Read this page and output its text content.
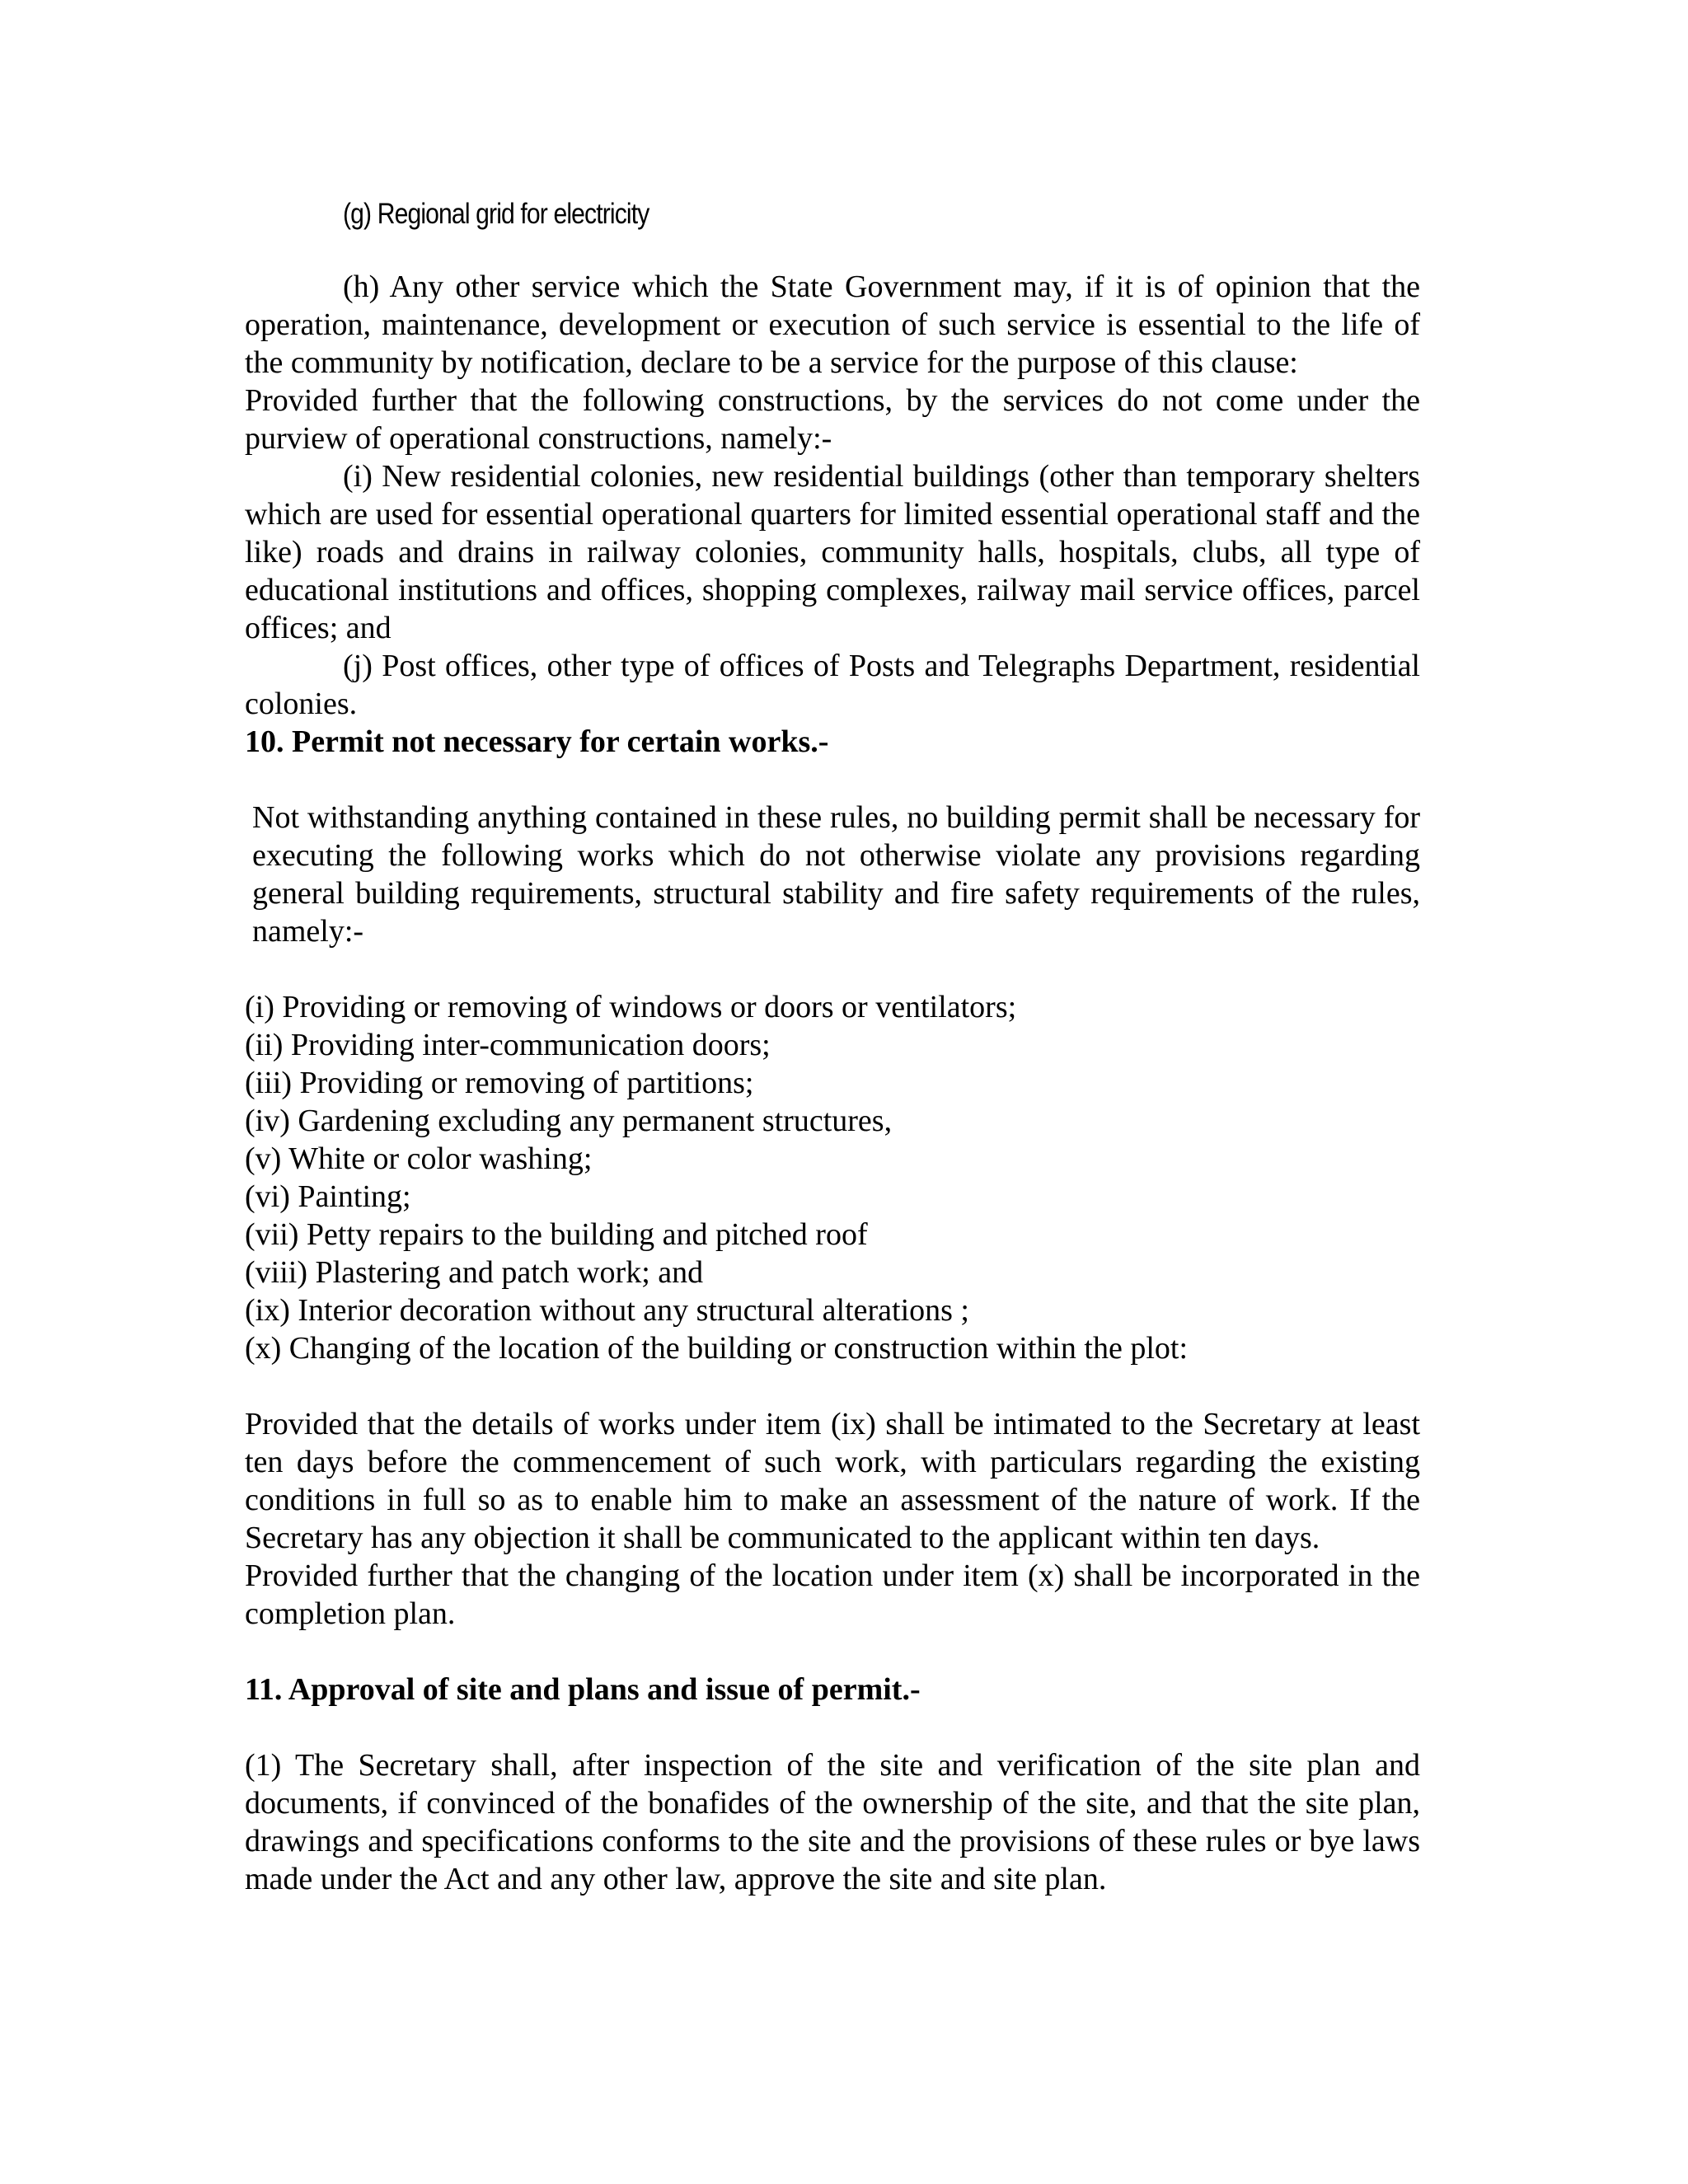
(g) Regional grid for electricity

(h) Any other service which the State Government may, if it is of opinion that the operation, maintenance, development or execution of such service is essential to the life of the community by notification, declare to be a service for the purpose of this clause:

Provided further that the following constructions, by the services do not come under the purview of operational constructions, namely:-

(i) New residential colonies, new residential buildings (other than temporary shelters which are used for essential operational quarters for limited essential operational staff and the like) roads and drains in railway colonies, community halls, hospitals, clubs, all type of educational institutions and offices, shopping complexes, railway mail service offices, parcel offices; and

(j) Post offices, other type of offices of Posts and Telegraphs Department, residential colonies.

10. Permit not necessary for certain works.-

Not withstanding anything contained in these rules, no building permit shall be necessary for executing the following works which do not otherwise violate any provisions regarding general building requirements, structural stability and fire safety requirements of the rules, namely:-

(i) Providing or removing of windows or doors or ventilators;
(ii) Providing inter-communication doors;
(iii) Providing or removing of partitions;
(iv) Gardening excluding any permanent structures,
(v) White or color washing;
(vi) Painting;
(vii) Petty repairs to the building and pitched roof
(viii) Plastering and patch work; and
(ix) Interior decoration without any structural alterations ;
(x) Changing of the location of the building or construction within the plot:

Provided that the details of works under item (ix) shall be intimated to the Secretary at least ten days before the commencement of such work, with particulars regarding the existing conditions in full so as to enable him to make an assessment of the nature of work. If the Secretary has any objection it shall be communicated to the applicant within ten days.

Provided further that the changing of the location under item (x) shall be incorporated in the completion plan.

11. Approval of site and plans and issue of permit.-

(1) The Secretary shall, after inspection of the site and verification of the site plan and documents, if convinced of the bonafides of the ownership of the site, and that the site plan, drawings and specifications conforms to the site and the provisions of these rules or bye laws made under the Act and any other law, approve the site and site plan.
